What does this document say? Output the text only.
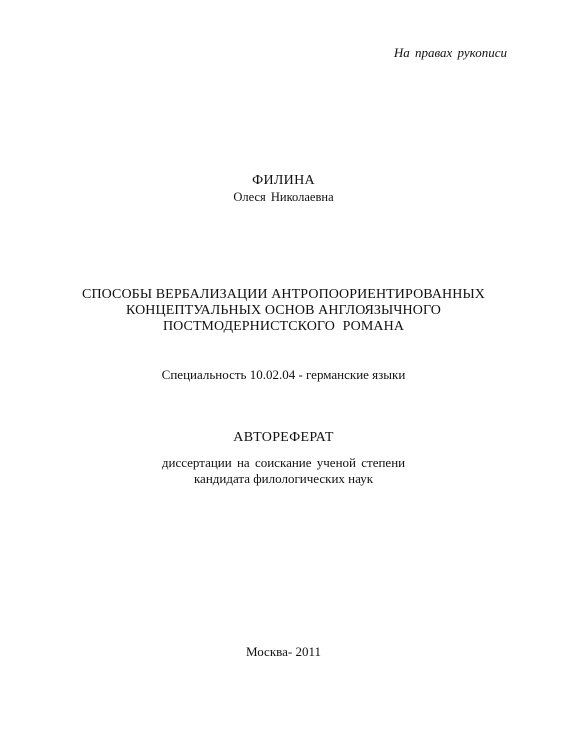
На правах рукописи
ФИЛИНА
Олеся Николаевна
СПОСОБЫ ВЕРБАЛИЗАЦИИ АНТРОПООРИЕНТИРОВАННЫХ
КОНЦЕПТУАЛЬНЫХ ОСНОВ АНГЛОЯЗЫЧНОГО
ПОСТМОДЕРНИСТСКОГО РОМАНА
Специальность 10.02.04 - германские языки
АВТОРЕФЕРАТ
диссертации на соискание ученой степени
кандидата филологических наук
Москва- 2011
